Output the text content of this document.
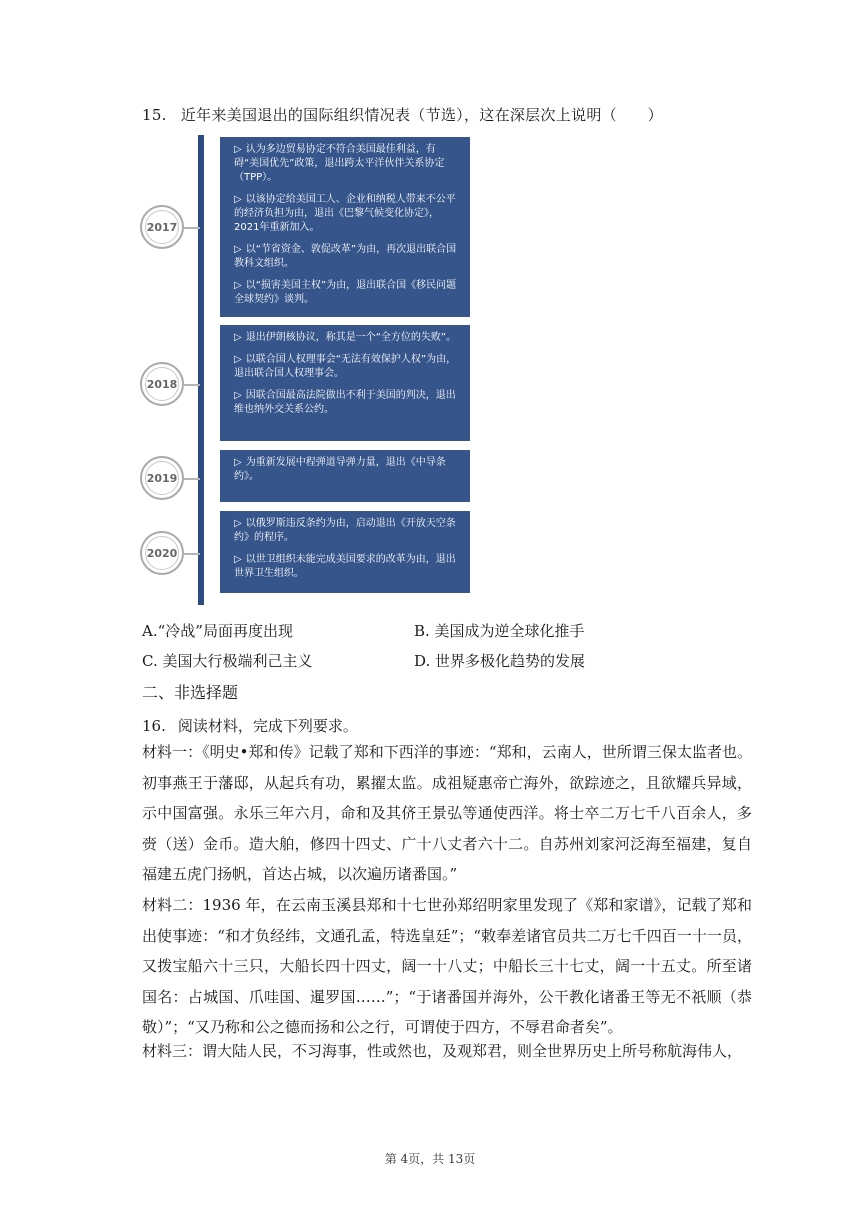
15. 近年来美国退出的国际组织情况表（节选），这在深层次上说明（　　）
2017
▷ 认为多边贸易协定不符合美国最佳利益，有碍“美国优先”政策，退出跨太平洋伙伴关系协定（TPP）。
▷ 以该协定给美国工人、企业和纳税人带来不公平的经济负担为由，退出《巴黎气候变化协定》，2021年重新加入。
▷ 以“节省资金、敦促改革”为由，再次退出联合国教科文组织。
▷ 以“损害美国主权”为由，退出联合国《移民问题全球契约》谈判。
2018
▷ 退出伊朗核协议，称其是一个“全方位的失败”。
▷ 以联合国人权理事会“无法有效保护人权”为由，退出联合国人权理事会。
▷ 因联合国最高法院做出不利于美国的判决，退出维也纳外交关系公约。
2019
▷ 为重新发展中程弹道导弹力量，退出《中导条约》。
2020
▷ 以俄罗斯违反条约为由，启动退出《开放天空条约》的程序。
▷ 以世卫组织未能完成美国要求的改革为由，退出世界卫生组织。
A.“冷战”局面再度出现	B. 美国成为逆全球化推手
C. 美国大行极端利己主义	D. 世界多极化趋势的发展
二、非选择题
16. 阅读材料，完成下列要求。
材料一：《明史•郑和传》记载了郑和下西洋的事迹：“郑和，云南人，世所谓三保太监者也。初事燕王于藩邸，从起兵有功，累擢太监。成祖疑惠帝亡海外，欲踪迹之，且欲耀兵异域，示中国富强。永乐三年六月，命和及其侪王景弘等通使西洋。将士卒二万七千八百余人，多赍（送）金币。造大舶，修四十四丈、广十八丈者六十二。自苏州刘家河泛海至福建，复自福建五虎门扬帆，首达占城，以次遍历诸番国。”
材料二：1936 年，在云南玉溪县郑和十七世孙郑绍明家里发现了《郑和家谱》，记载了郑和出使事迹：“和才负经纬，文通孔孟，特选皇廷”；“敕奉差诸官员共二万七千四百一十一员，又拨宝船六十三只，大船长四十四丈，阔一十八丈；中船长三十七丈，阔一十五丈。所至诸国名：占城国、爪哇国、暹罗国……”；“于诸番国并海外，公干教化诸番王等无不祇顺（恭敬）”；“又乃称和公之德而扬和公之行，可谓使于四方，不辱君命者矣”。
材料三：谓大陆人民，不习海事，性或然也，及观郑君，则全世界历史上所号称航海伟人，
第 4页，共 13页
